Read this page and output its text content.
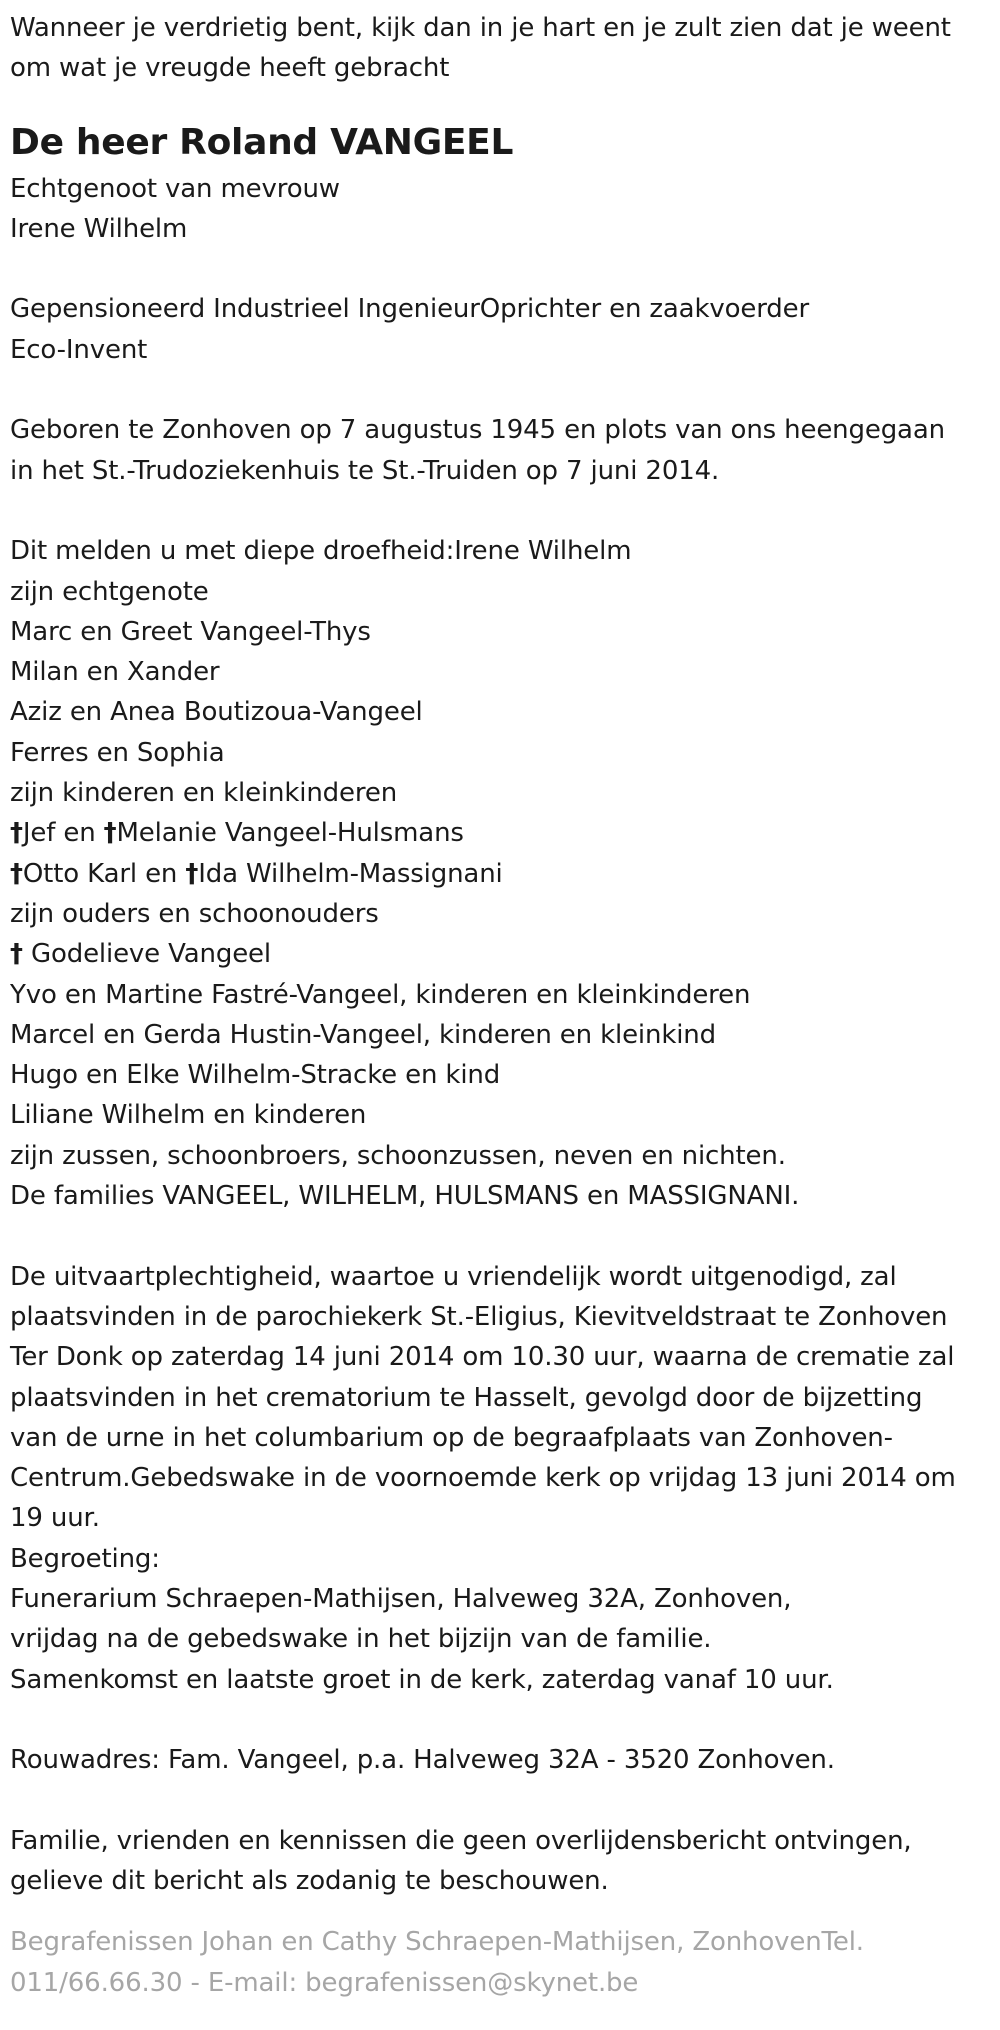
Wanneer je verdrietig bent, kijk dan in je hart en je zult zien dat je weent
om wat je vreugde heeft gebracht
De heer Roland VANGEEL
Echtgenoot van mevrouw
Irene Wilhelm
Gepensioneerd Industrieel IngenieurOprichter en zaakvoerder
Eco-Invent
Geboren te Zonhoven op 7 augustus 1945 en plots van ons heengegaan
in het St.-Trudoziekenhuis te St.-Truiden op 7 juni 2014.
Dit melden u met diepe droefheid:Irene Wilhelm
zijn echtgenote
Marc en Greet Vangeel-Thys
Milan en Xander
Aziz en Anea Boutizoua-Vangeel
Ferres en Sophia
zijn kinderen en kleinkinderen
†Jef en †Melanie Vangeel-Hulsmans
†Otto Karl en †Ida Wilhelm-Massignani
zijn ouders en schoonouders
† Godelieve Vangeel
Yvo en Martine Fastré-Vangeel, kinderen en kleinkinderen
Marcel en Gerda Hustin-Vangeel, kinderen en kleinkind
Hugo en Elke Wilhelm-Stracke en kind
Liliane Wilhelm en kinderen
zijn zussen, schoonbroers, schoonzussen, neven en nichten.
De families VANGEEL, WILHELM, HULSMANS en MASSIGNANI.
De uitvaartplechtigheid, waartoe u vriendelijk wordt uitgenodigd, zal
plaatsvinden in de parochiekerk St.-Eligius, Kievitveldstraat te Zonhoven
Ter Donk op zaterdag 14 juni 2014 om 10.30 uur, waarna de crematie zal
plaatsvinden in het crematorium te Hasselt, gevolgd door de bijzetting
van de urne in het columbarium op de begraafplaats van Zonhoven-
Centrum.Gebedswake in de voornoemde kerk op vrijdag 13 juni 2014 om
19 uur.
Begroeting:
Funerarium Schraepen-Mathijsen, Halveweg 32A, Zonhoven,
vrijdag na de gebedswake in het bijzijn van de familie.
Samenkomst en laatste groet in de kerk, zaterdag vanaf 10 uur.
Rouwadres: Fam. Vangeel, p.a. Halveweg 32A - 3520 Zonhoven.
Familie, vrienden en kennissen die geen overlijdensbericht ontvingen,
gelieve dit bericht als zodanig te beschouwen.
Begrafenissen Johan en Cathy Schraepen-Mathijsen, ZonhovenTel.
011/66.66.30 - E-mail: begrafenissen@skynet.be
